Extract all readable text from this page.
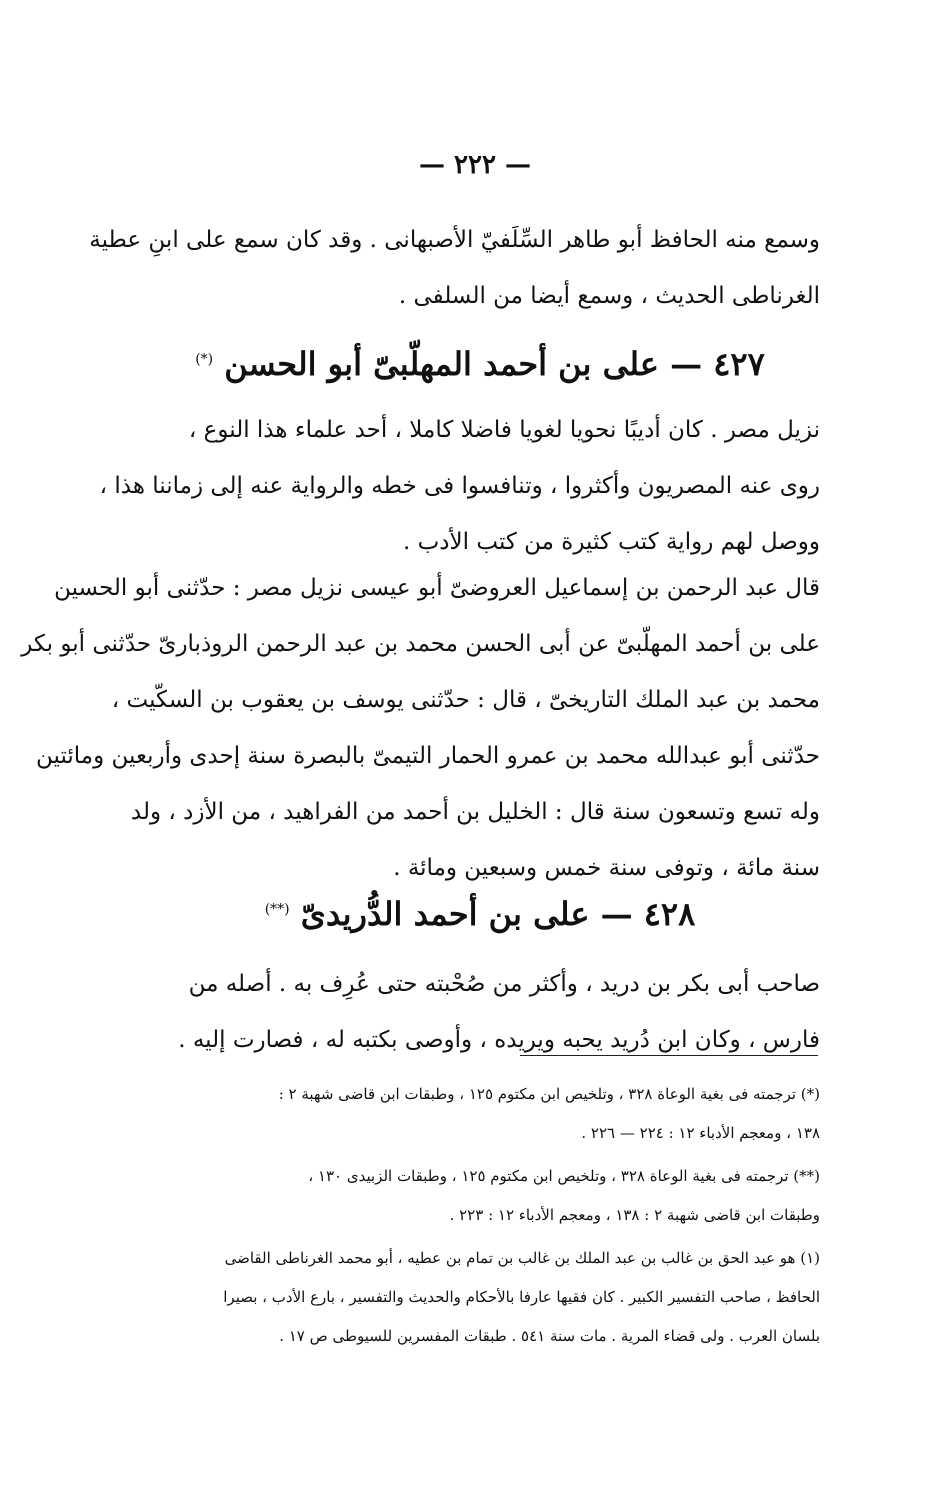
— ٢٢٢ —
وسمع منه الحافظ أبو طاهر السِّلَفيّ الأصبهانى . وقد كان سمع على ابنِ عطية
الغرناطى الحديث ، وسمع أيضا من السلفى .
٤٢٧ — على بن أحمد المهلّبىّ أبو الحسن (*)
نزيل مصر . كان أديبًا نحويا لغويا فاضلا كاملا ، أحد علماء هذا النوع ،
روى عنه المصريون وأكثروا ، وتنافسوا فى خطه والرواية عنه إلى زماننا هذا ،
ووصل لهم رواية كتب كثيرة من كتب الأدب .
قال عبد الرحمن بن إسماعيل العروضىّ أبو عيسى نزيل مصر : حدّثنى أبو الحسين
على بن أحمد المهلّبىّ عن أبى الحسن محمد بن عبد الرحمن الروذبارىّ حدّثنى أبو بكر
محمد بن عبد الملك التاريخىّ ، قال : حدّثنى يوسف بن يعقوب بن السكّيت ،
حدّثنى أبو عبدالله محمد بن عمرو الحمار التيمىّ بالبصرة سنة إحدى وأربعين ومائتين
وله تسع وتسعون سنة قال : الخليل بن أحمد من الفراهيد ، من الأزد ، ولد
سنة مائة ، وتوفى سنة خمس وسبعين ومائة .
٤٢٨ — على بن أحمد الدُّريدىّ (**)
صاحب أبى بكر بن دريد ، وأكثر من صُحْبته حتى عُرِف به . أصله من
فارس ، وكان ابن دُريد يحبه ويريده ، وأوصى بكتبه له ، فصارت إليه .
(*) ترجمته فى بغية الوعاة ٣٢٨ ، وتلخيص ابن مكتوم ١٢٥ ، وطبقات ابن قاضى شهبة ٢ :
١٣٨ ، ومعجم الأدباء ١٢ : ٢٢٤ — ٢٢٦ .
(**) ترجمته فى بغية الوعاة ٣٢٨ ، وتلخيص ابن مكتوم ١٢٥ ، وطبقات الزبيدى ١٣٠ ،
وطبقات ابن قاضى شهبة ٢ : ١٣٨ ، ومعجم الأدباء ١٢ : ٢٢٣ .
(١) هو عبد الحق بن غالب بن عبد الملك بن غالب بن تمام بن عطيه ، أبو محمد الغرناطى القاضى
الحافظ ، صاحب التفسير الكبير . كان فقيها عارفا بالأحكام والحديث والتفسير ، بارع الأدب ، بصيرا
بلسان العرب . ولى قضاء المرية . مات سنة ٥٤١ . طبقات المفسرين للسيوطى ص ١٧ .
